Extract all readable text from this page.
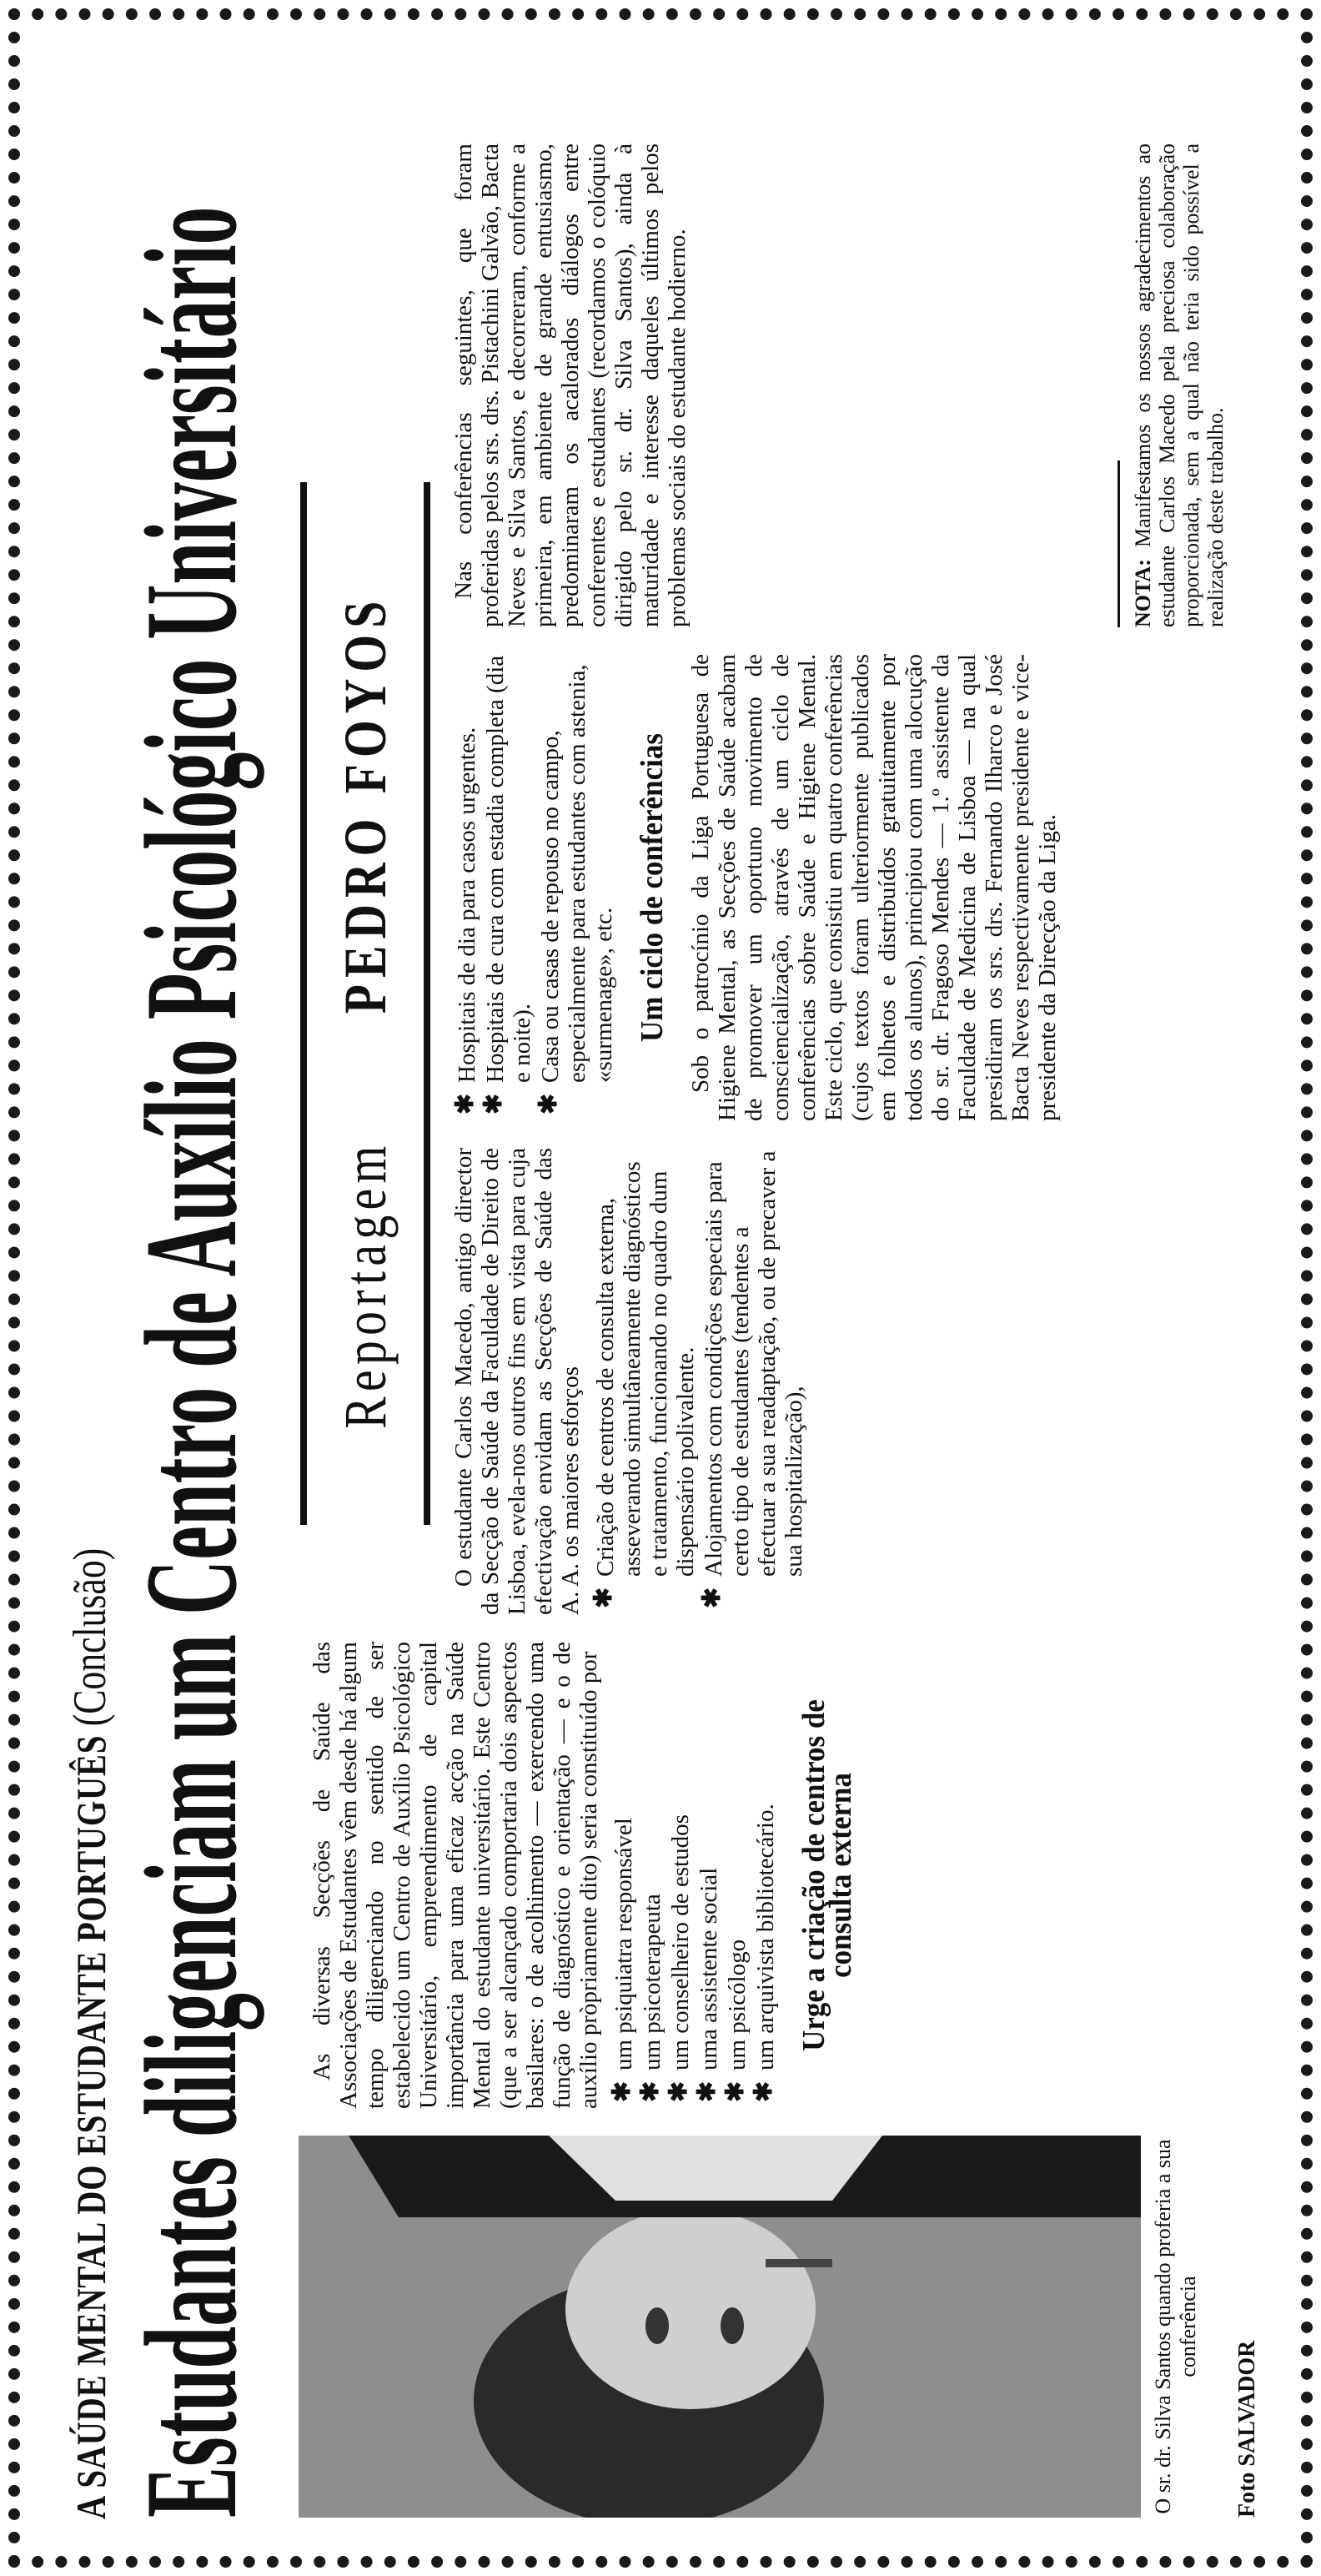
A SAÚDE MENTAL DO ESTUDANTE PORTUGUÊS (Conclusão) Estudantes diligenciam um Centro de Auxílio Psicológico Universitário	O sr. dr. Silva Santos quando proferia a sua conferência
Foto SALVADOR
Reportagem
PEDRO FOYOS

As diversas Secções de Saúde das Associações de Estudantes vêm desde há algum tempo diligenciando no sentido de ser estabelecido um Centro de Auxílio Psicológico Universitário, empreendimento de capital importância para uma eficaz acção na Saúde Mental do estudante universitário. Este Centro (que a ser alcançado comportaria dois aspectos basilares: o de acolhimento — exercendo uma função de diagnóstico e orientação — e o de auxílio pròpriamente dito) seria constituído por ✱
um psiquiatra responsável
✱
um psicoterapeuta
✱
um conselheiro de estudos
✱
uma assistente social
✱
um psicólogo
✱
um arquivista bibliotecário. Urge a criação de centros de consulta externa

O estudante Carlos Macedo, antigo director da Secção de Saúde da Faculdade de Direito de Lisboa, evela-nos outros fins em vista para cuja efectivação envidam as Secções de Saúde das A. A. os maiores esforços ✱
Criação de centros de consulta externa, asseverando simultâneamente diagnósticos e tratamento, funcionando no quadro dum dispensário polivalente.
✱
Alojamentos com condições especiais para certo tipo de estudantes (tendentes a efectuar a sua readaptação, ou de precaver a sua hospitalização),
✱
Hospitais de dia para casos urgentes.
✱
Hospitais de cura com estadia completa (dia e noite).
✱
Casa ou casas de repouso no campo, especialmente para estudantes com astenia, «surmenage», etc. Um ciclo de conferências Sob o patrocínio da Liga Portuguesa de Higiene Mental, as Secções de Saúde acabam de promover um oportuno movimento de consciencialização, através de um ciclo de conferências sobre Saúde e Higiene Mental. Este ciclo, que consistiu em quatro conferências (cujos textos foram ulteriormente publicados em folhetos e distribuídos gratuitamente por todos os alunos), principiou com uma alocução do sr. dr. Fragoso Mendes — 1.º assistente da Faculdade de Medicina de Lisboa — na qual presidiram os srs. drs. Fernando Ilharco e José Bacta Neves respectivamente presidente e vice-presidente da Direcção da Liga.

Nas conferências seguintes, que foram proferidas pelos srs. drs. Pistachini Galvão, Bacta Neves e Silva Santos, e decorreram, conforme a primeira, em ambiente de grande entusiasmo, predominaram os acalorados diálogos entre conferentes e estudantes (recordamos o colóquio dirigido pelo sr. dr. Silva Santos), ainda à maturidade e interesse daqueles últimos pelos problemas sociais do estudante hodierno.	NOTA: Manifestamos os nossos agradecimentos ao estudante Carlos Macedo pela preciosa colaboração proporcionada, sem a qual não teria sido possível a realização deste trabalho.
